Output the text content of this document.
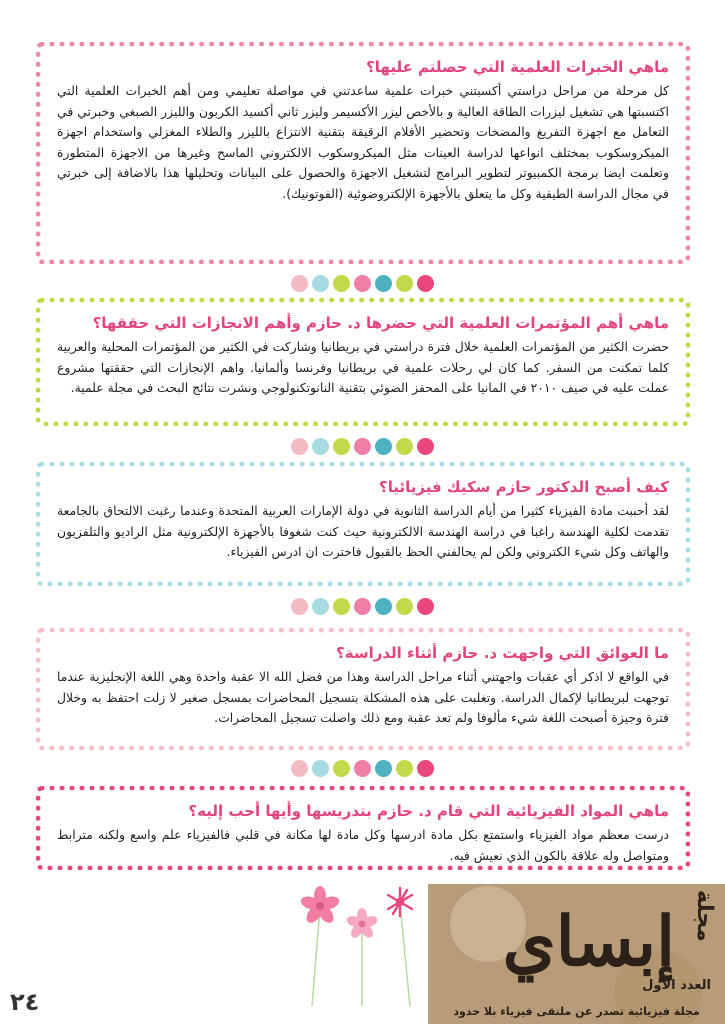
ماهي الخبرات العلمية التي حصلتم عليها؟

كل مرحلة من مراحل دراستي أكسبتني خبرات علمية ساعدتني في مواصلة تعليمي ومن أهم الخبرات العلمية التي اكتسبتها هي تشغيل ليزرات الطاقة العالية و بالأخص ليزر الأكسيمر وليزر ثاني أكسيد الكربون والليزر الصبغي وخبرتي في التعامل مع اجهزة التفريغ والمضخات وتحضير الأفلام الرقيقة بتقنية الانتزاع بالليزر والطلاء المغزلي واستخدام اجهزة الميكروسكوب بمختلف انواعها لدراسة العينات مثل الميكروسكوب الالكتروني الماسح وغيرها من الاجهزة المتطورة وتعلمت ايضا برمجة الكمبيوتر لتطوير البرامج لتشغيل الاجهزة والحصول على البيانات وتحليلها هذا بالاضافة إلى خبرتي في مجال الدراسة الطيفية وكل ما يتعلق بالأجهزة الإلكتروضوئية (الفوتونيك).

ماهي أهم المؤتمرات العلمية التي حضرها د. حازم وأهم الانجازات التي حققها؟

حضرت الكثير من المؤتمرات العلمية خلال فترة دراستي في بريطانيا وشاركت في الكثير من المؤتمرات المحلية والعربية كلما تمكنت من السفر. كما كان لي رحلات علمية في بريطانيا وفرنسا وألمانيا. واهم الإنجازات التي حققتها مشروع عملت عليه في صيف ٢٠١٠ في المانيا على المحفز الضوئي بتقنية النانوتكنولوجي ونشرت نتائج البحث في مجلة علمية.

كيف أصبح الدكتور حازم سكيك فيزيائيا؟

لقد أحببت مادة الفيزياء كثيرا من أيام الدراسة الثانوية في دولة الإمارات العربية المتحدة وعندما رغبت الالتحاق بالجامعة تقدمت لكلية الهندسة راغبا في دراسة الهندسة الالكترونية حيث كنت شغوفا بالأجهزة الإلكترونية مثل الراديو والتلفزيون والهاتف وكل شيء الكتروني ولكن لم يحالفني الحظ بالقبول فاخترت ان ادرس الفيزياء.

ما العوائق التي واجهت د. حازم أثناء الدراسة؟

في الواقع لا اذكر أي عقبات واجهتني أثناء مراحل الدراسة وهذا من فضل الله الا عقبة واحدة وهي اللغة الإنجليزية عندما توجهت لبريطانيا لإكمال الدراسة. وتغلبت على هذه المشكلة بتسجيل المحاضرات بمسجل صغير لا زلت احتفظ به وخلال فترة وجيزة أصبحت اللغة شيء مألوفا ولم تعد عقبة ومع ذلك واصلت تسجيل المحاضرات.

ماهي المواد الفيزيائية التي قام د. حازم بتدريسها وأيها أحب إليه؟

درست معظم مواد الفيزياء واستمتع بكل مادة ادرسها وكل مادة لها مكانة في قلبي فالفيزياء علم واسع ولكنه مترابط ومتواصل وله علاقة بالكون الذي نعيش فيه.

مجلة
إبساي
العدد الأول
مجلة فيزيائية تصدر عن ملتقى فيزياء بلا حدود
٢٤
